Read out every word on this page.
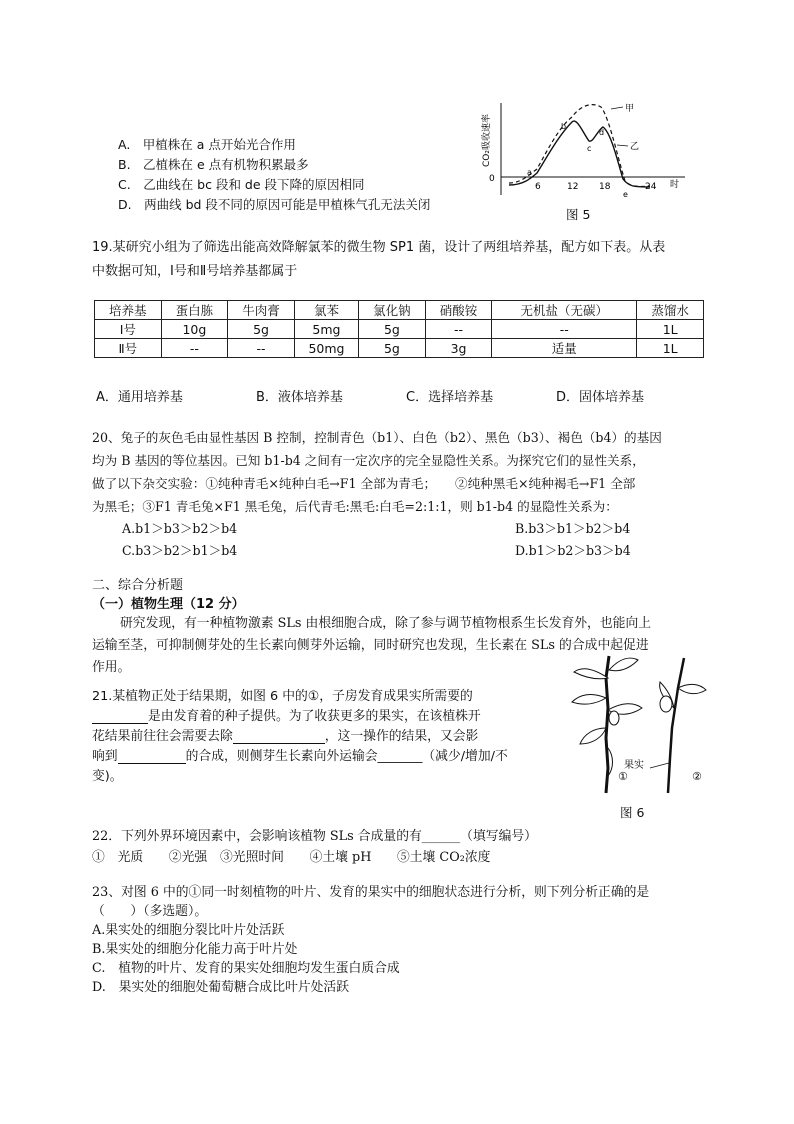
A.　甲植株在 a 点开始光合作用
B.　乙植株在 e 点有机物积累最多
C.　乙曲线在 bc 段和 de 段下降的原因相同
D.　两曲线 bd 段不同的原因可能是甲植株气孔无法关闭
CO₂吸收速率
0
6	12 18	24 时
甲
乙
a
b
c
d
e
图 5
19.某研究小组为了筛选出能高效降解氯苯的微生物 SP1 菌，设计了两组培养基，配方如下表。从表
中数据可知，Ⅰ号和Ⅱ号培养基都属于
培养基	蛋白胨	牛肉膏	氯苯	氯化钠	硝酸铵	无机盐（无碳）	蒸馏水
Ⅰ号	10g	5g	5mg	5g	--	--	1L
Ⅱ号	--	--	50mg	5g	3g	适量	1L
A．通用培养基	B．液体培养基	C．选择培养基	D．固体培养基
20、兔子的灰色毛由显性基因 B 控制，控制青色（b1）、白色（b2）、黑色（b3）、褐色（b4）的基因
均为 B 基因的等位基因。已知 b1-b4 之间有一定次序的完全显隐性关系。为探究它们的显性关系，
做了以下杂交实验：①纯种青毛×纯种白毛→F1 全部为青毛；　　②纯种黑毛×纯种褐毛→F1 全部
为黑毛；③F1 青毛兔×F1 黑毛兔，后代青毛:黑毛:白毛=2:1:1，则 b1-b4 的显隐性关系为：
A.b1＞b3＞b2＞b4	B.b3＞b1＞b2＞b4
C.b3＞b2＞b1＞b4	D.b1＞b2＞b3＞b4
二、综合分析题
（一）植物生理（12 分）
研究发现，有一种植物激素 SLs 由根细胞合成，除了参与调节植物根系生长发育外，也能向上
运输至茎，可抑制侧芽处的生长素向侧芽外运输，同时研究也发现，生长素在 SLs 的合成中起促进
作用。
21.某植物正处于结果期，如图 6 中的①，子房发育成果实所需要的
是由发育着的种子提供。为了收获更多的果实，在该植株开
花结果前往往会需要去除	，这一操作的结果，又会影
响到	的合成，则侧芽生长素向外运输会_______（减少/增加/不
变)。
果实
①	②
图 6
22．下列外界环境因素中，会影响该植物 SLs 合成量的有______（填写编号）
①　光质　　②光强　③光照时间　　④土壤 pH　　⑤土壤 CO₂浓度
23、对图 6 中的①同一时刻植物的叶片、发育的果实中的细胞状态进行分析，则下列分析正确的是
（　　）（多选题）。
A.果实处的细胞分裂比叶片处活跃
B.果实处的细胞分化能力高于叶片处
C.　植物的叶片、发育的果实处细胞均发生蛋白质合成
D.　果实处的细胞处葡萄糖合成比叶片处活跃
